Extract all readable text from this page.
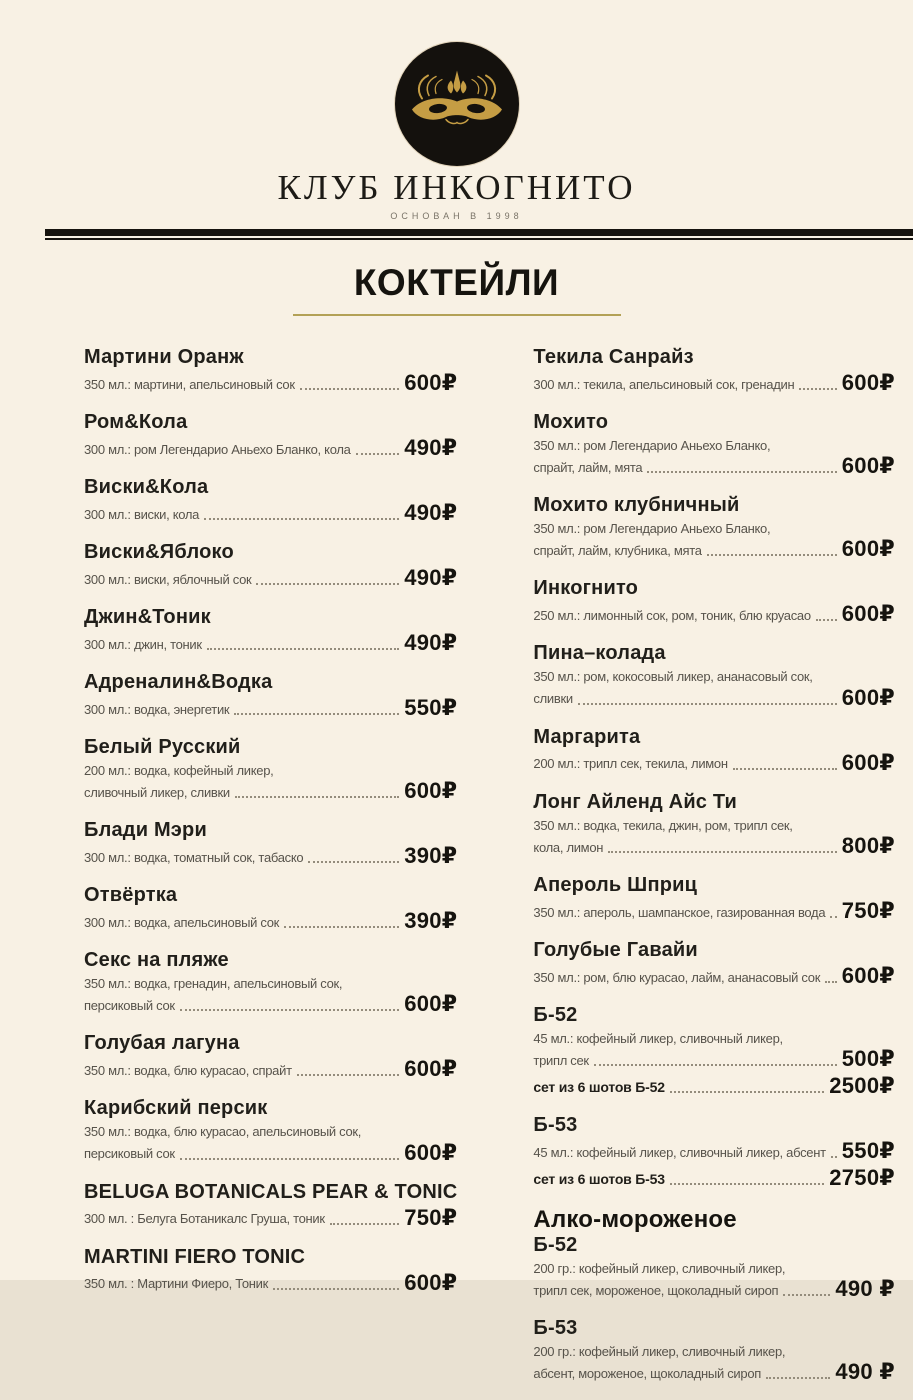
КЛУБ ИНКОГНИТО
ОСНОВАН В 1998
КОКТЕЙЛИ
Мартини Оранж
350 мл.: мартини, апельсиновый сок	600₽
Ром&Кола
300 мл.: ром Легендарио Аньехо Бланко, кола 490₽
Виски&Кола
300 мл.: виски, кола	490₽
Виски&Яблоко
300 мл.: виски, яблочный сок	490₽
Джин&Тоник
300 мл.: джин, тоник	490₽
Адреналин&Водка
300 мл.: водка, энергетик	550₽
Белый Русский
200 мл.: водка, кофейный ликер,
сливочный ликер, сливки	600₽
Блади Мэри
300 мл.: водка, томатный сок, табаско	390₽
Отвёртка
300 мл.: водка, апельсиновый сок	390₽
Секс на пляже
350 мл.: водка, гренадин, апельсиновый сок,
персиковый сок	600₽
Голубая лагуна
350 мл.: водка, блю курасао, спрайт	600₽
Карибский персик
350 мл.: водка, блю курасао, апельсиновый сок,
персиковый сок	600₽
BELUGA BOTANICALS PEAR & TONIC
300 мл. : Белуга Ботаникалс Груша, тоник	750₽
MARTINI FIERO TONIC
350 мл. : Мартини Фиеро, Тоник	600₽
Текила Санрайз
300 мл.: текила, апельсиновый сок, гренадин 600₽
Мохито
350 мл.: ром Легендарио Аньехо Бланко,
спрайт, лайм, мята	600₽
Мохито клубничный
350 мл.: ром Легендарио Аньехо Бланко,
спрайт, лайм, клубника, мята	600₽
Инкогнито
250 мл.: лимонный сок, ром, тоник, блю круасао 600₽
Пина–колада
350 мл.: ром, кокосовый ликер, ананасовый сок,
сливки	600₽
Маргарита
200 мл.: трипл сек, текила, лимон	600₽
Лонг Айленд Айс Ти
350 мл.: водка, текила, джин, ром, трипл сек,
кола, лимон	800₽
Апероль Шприц
350 мл.: апероль, шампанское, газированная вода 750₽
Голубые Гавайи
350 мл.: ром, блю курасао, лайм, ананасовый сок 600₽
Б-52
45 мл.: кофейный ликер, сливочный ликер,
трипл сек	500₽
сет из 6 шотов Б-52	2500₽
Б-53
45 мл.: кофейный ликер, сливочный ликер, абсент 550₽
сет из 6 шотов Б-53	2750₽
Алко-мороженое
Б-52
200 гр.: кофейный ликер, сливочный ликер,
трипл сек, мороженое, щоколадный сироп	490 ₽
Б-53
200 гр.: кофейный ликер, сливочный ликер,
абсент, мороженое, щоколадный сироп	490 ₽
